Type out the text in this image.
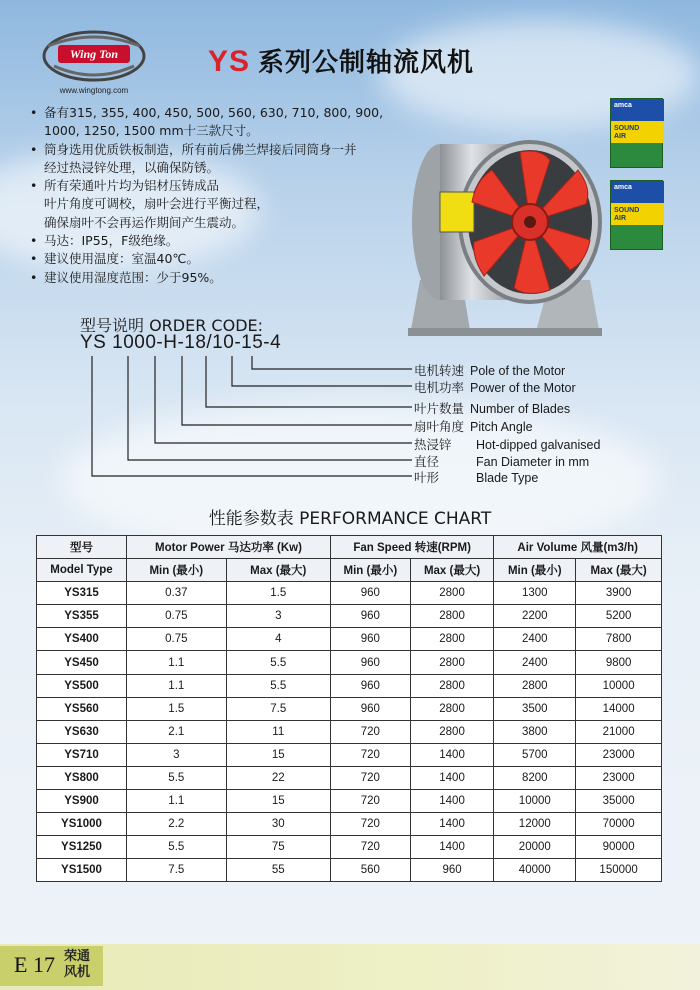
Wing Ton
www.wingtong.com
YS 系列公制轴流风机
• 备有315, 355, 400, 450, 500, 560, 630, 710, 800, 900,
1000, 1250, 1500 mm十三款尺寸。
• 筒身选用优质铁板制造，所有前后佛兰焊接后同筒身一并
经过热浸锌处理，以确保防锈。
• 所有荣通叶片均为铝材压铸成品
叶片角度可调校，扇叶会进行平衡过程，
确保扇叶不会再运作期间产生震动。
• 马达：IP55，F级绝缘。
• 建议使用温度：室温40℃。
• 建议使用湿度范围：少于95%。
amca
SOUND
AIR
amca
SOUND
AIR
型号说明 ORDER CODE:
YS 1000-H-18/10-15-4
电机转速 Pole of the Motor
电机功率 Power of the Motor
叶片数量 Number of Blades
扇叶角度 Pitch Angle
热浸锌 Hot-dipped galvanised
直径	Fan Diameter in mm
叶形	Blade Type
性能参数表 PERFORMANCE CHART
型号	Motor Power 马达功率 (Kw)		Fan Speed 转速(RPM)		Air Volume 风量(m3/h)	
Model Type	Min (最小)	Max (最大)	Min (最小)	Max (最大)	Min (最小)	Max (最大)
YS315	0.37	1.5	960	2800	1300	3900
YS355	0.75	3	960	2800	2200	5200
YS400	0.75	4	960	2800	2400	7800
YS450	1.1	5.5	960	2800	2400	9800
YS500	1.1	5.5	960	2800	2800	10000
YS560	1.5	7.5	960	2800	3500	14000
YS630	2.1	11	720	2800	3800	21000
YS710	3	15	720	1400	5700	23000
YS800	5.5	22	720	1400	8200	23000
YS900	1.1	15	720	1400	10000	35000
YS1000	2.2	30	720	1400	12000	70000
YS1250	5.5	75	720	1400	20000	90000
YS1500	7.5	55	560	960	40000	150000
E 17 荣通
风机
